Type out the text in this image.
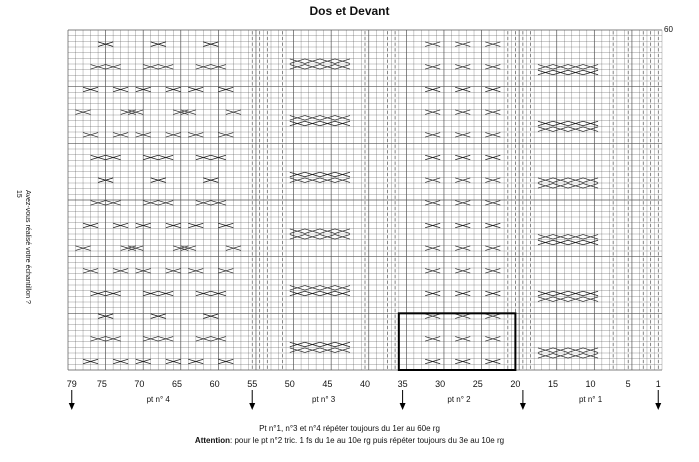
Dos et Devant
Avez-vous réalisé votre échantillon ?
15
60
79 75	70	65	60	55	50	45	40	35	30	25	20	15	10	5	1
pt n° 4	pt n° 3	pt n° 2	pt n° 1
Pt n°1, n°3 et n°4 répéter toujours du 1er au 60e rg
Attention: pour le pt n°2 tric. 1 fs du 1e au 10e rg puis répéter toujours du 3e au 10e rg
